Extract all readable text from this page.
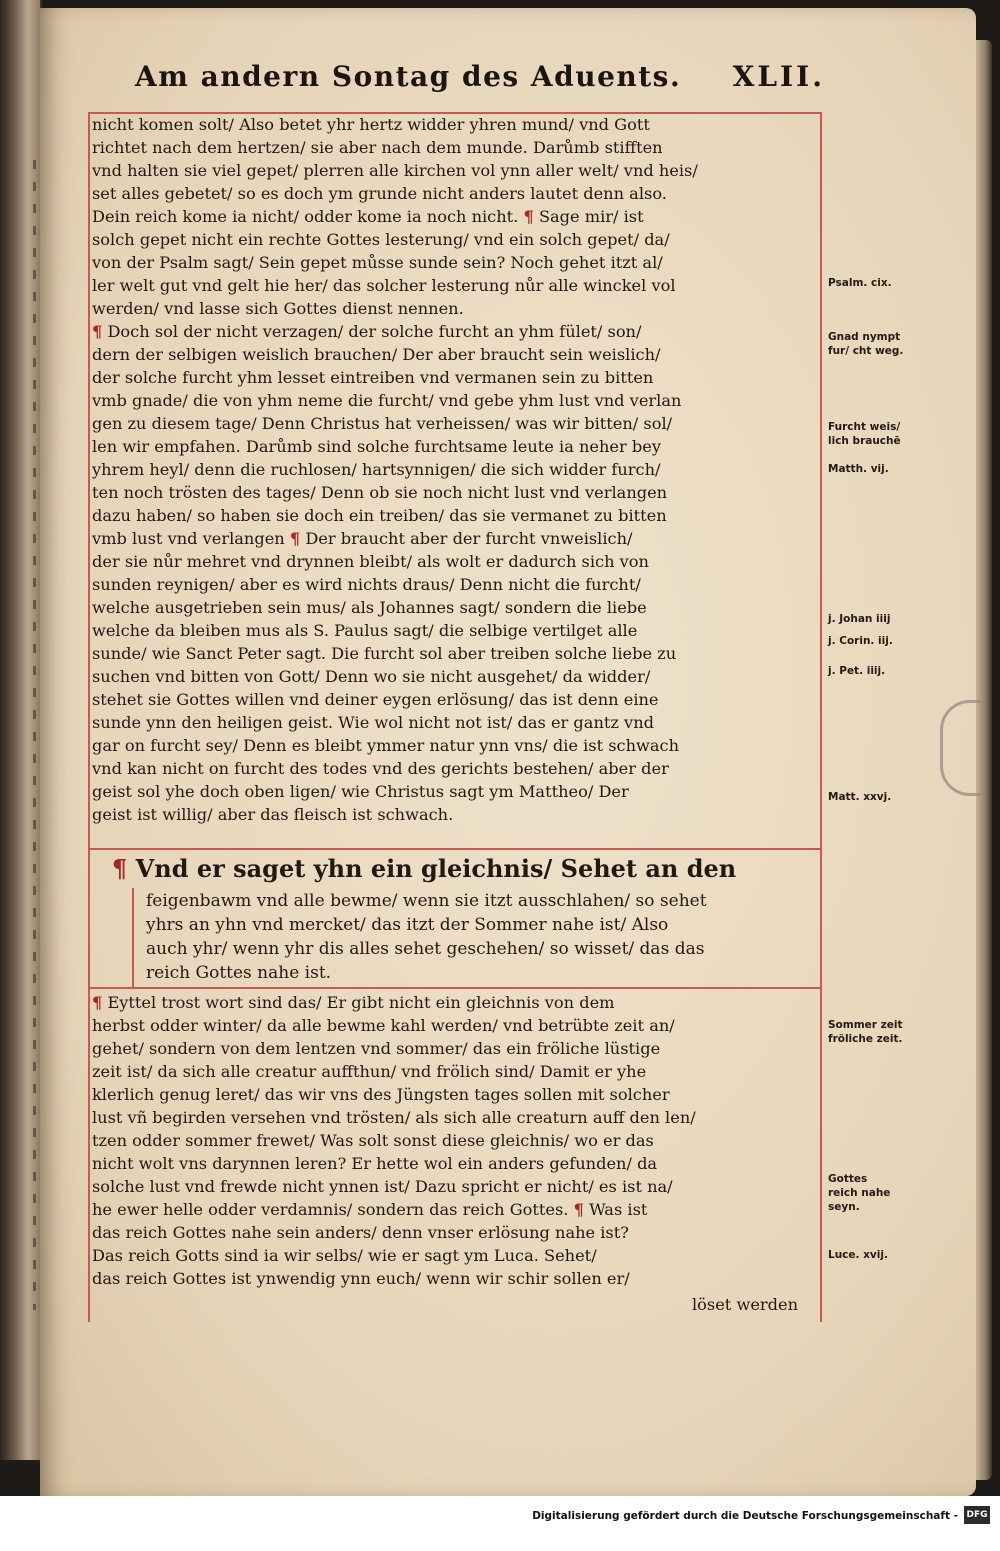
Am andern Sontag des Aduents. XLII.
nicht komen solt/ Also betet yhr hertz widder yhren mund/ vnd Gott
richtet nach dem hertzen/ sie aber nach dem munde. Darůmb stifften
vnd halten sie viel gepet/ plerren alle kirchen vol ynn aller welt/ vnd heis/
set alles gebetet/ so es doch ym grunde nicht anders lautet denn also.
Dein reich kome ia nicht/ odder kome ia noch nicht. ¶ Sage mir/ ist
solch gepet nicht ein rechte Gottes lesterung/ vnd ein solch gepet/ da/
von der Psalm sagt/ Sein gepet můsse sunde sein? Noch gehet itzt al/
ler welt gut vnd gelt hie her/ das solcher lesterung nůr alle winckel vol
werden/ vnd lasse sich Gottes dienst nennen.
¶ Doch sol der nicht verzagen/ der solche furcht an yhm fület/ son/
dern der selbigen weislich brauchen/ Der aber braucht sein weislich/
der solche furcht yhm lesset eintreiben vnd vermanen sein zu bitten
vmb gnade/ die von yhm neme die furcht/ vnd gebe yhm lust vnd verlan
gen zu diesem tage/ Denn Christus hat verheissen/ was wir bitten/ sol/
len wir empfahen. Darůmb sind solche furchtsame leute ia neher bey
yhrem heyl/ denn die ruchlosen/ hartsynnigen/ die sich widder furch/
ten noch trösten des tages/ Denn ob sie noch nicht lust vnd verlangen
dazu haben/ so haben sie doch ein treiben/ das sie vermanet zu bitten
vmb lust vnd verlangen ¶ Der braucht aber der furcht vnweislich/
der sie nůr mehret vnd drynnen bleibt/ als wolt er dadurch sich von
sunden reynigen/ aber es wird nichts draus/ Denn nicht die furcht/
welche ausgetrieben sein mus/ als Johannes sagt/ sondern die liebe
welche da bleiben mus als S. Paulus sagt/ die selbige vertilget alle
sunde/ wie Sanct Peter sagt. Die furcht sol aber treiben solche liebe zu
suchen vnd bitten von Gott/ Denn wo sie nicht ausgehet/ da widder/
stehet sie Gottes willen vnd deiner eygen erlösung/ das ist denn eine
sunde ynn den heiligen geist. Wie wol nicht not ist/ das er gantz vnd
gar on furcht sey/ Denn es bleibt ymmer natur ynn vns/ die ist schwach
vnd kan nicht on furcht des todes vnd des gerichts bestehen/ aber der
geist sol yhe doch oben ligen/ wie Christus sagt ym Mattheo/ Der
geist ist willig/ aber das fleisch ist schwach.
¶ Vnd er saget yhn ein gleichnis/ Sehet an den
feigenbawm vnd alle bewme/ wenn sie itzt ausschlahen/ so sehet
yhrs an yhn vnd mercket/ das itzt der Sommer nahe ist/ Also
auch yhr/ wenn yhr dis alles sehet geschehen/ so wisset/ das das
reich Gottes nahe ist.
¶ Eyttel trost wort sind das/ Er gibt nicht ein gleichnis von dem
herbst odder winter/ da alle bewme kahl werden/ vnd betrübte zeit an/
gehet/ sondern von dem lentzen vnd sommer/ das ein fröliche lüstige
zeit ist/ da sich alle creatur auffthun/ vnd frölich sind/ Damit er yhe
klerlich genug leret/ das wir vns des Jüngsten tages sollen mit solcher
lust vñ begirden versehen vnd trösten/ als sich alle creaturn auff den len/
tzen odder sommer frewet/ Was solt sonst diese gleichnis/ wo er das
nicht wolt vns darynnen leren? Er hette wol ein anders gefunden/ da
solche lust vnd frewde nicht ynnen ist/ Dazu spricht er nicht/ es ist na/
he ewer helle odder verdamnis/ sondern das reich Gottes. ¶ Was ist
das reich Gottes nahe sein anders/ denn vnser erlösung nahe ist?
Das reich Gotts sind ia wir selbs/ wie er sagt ym Luca. Sehet/
das reich Gottes ist ynwendig ynn euch/ wenn wir schir sollen er/
löset werden
Psalm. cix.
Gnad nympt fur/ cht weg.
Furcht weis/ lich brauchē
Matth. vij.
j. Johan iiij
j. Corin. iij.
j. Pet. iiij.
Matt. xxvj.
Sommer zeit fröliche zeit.
Gottes reich nahe seyn.
Luce. xvij.
Digitalisierung gefördert durch die Deutsche Forschungsgemeinschaft - DFG
